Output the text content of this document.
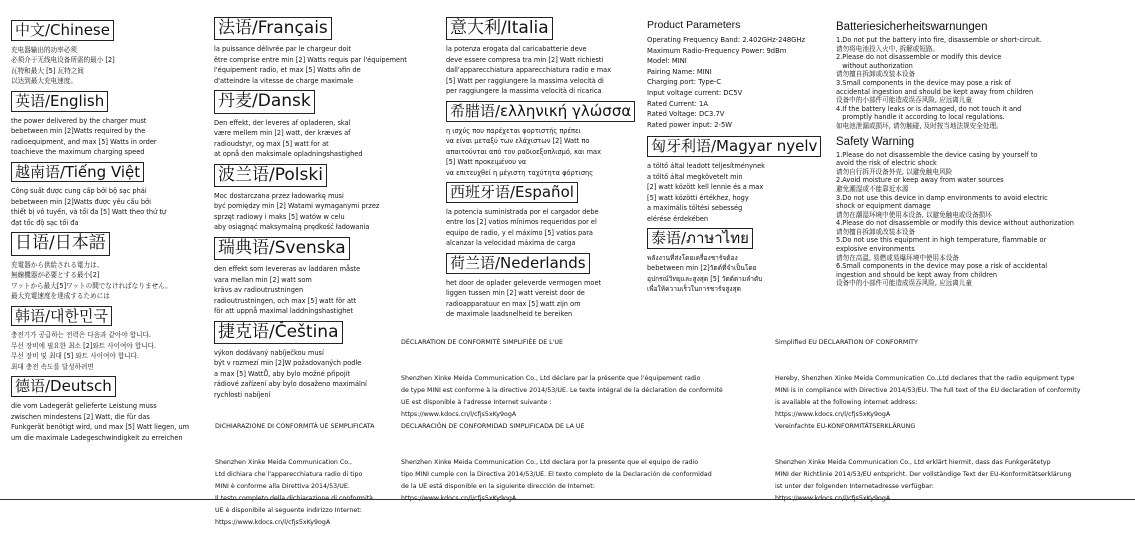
中文/Chinese
充电器输出的功率必须
必须介于无线电设备所需的最小 [2]
瓦特和最大 [5] 瓦特之间
以达到最大充电速度。
英语/English
the power delivered by the charger must
bebetween min [2]Watts required by the
radioequipment, and max [5] Watts in order
toachieve the maximum charging speed
越南语/Tiếng Việt
Công suất được cung cấp bởi bộ sạc phải
bebetween min [2]Watts được yêu cầu bởi
thiết bị vô tuyến, và tối đa [5] Watt theo thứ tự
đạt tốc độ sạc tối đa
日语/日本語
充電器から供給される電力は、
無線機器が必要とする最小[2]
ワットから最大[5]ワットの間でなければなりません。
最大充電速度を達成するためには
韩语/대한민국
충전기가 공급하는 전력은 다음과 같아야 합니다.
무선 장비에 필요한 최소 [2]와트 사이여야 합니다.
무선 장비 및 최대 [5] 와트 사이여야 합니다.
최대 충전 속도를 달성하려면
德语/Deutsch
die vom Ladegerät gelieferte Leistung muss
zwischen mindestens [2] Watt, die für das
Funkgerät benötigt wird, und max [5] Watt liegen, um
um die maximale Ladegeschwindigkeit zu erreichen
法语/Français
la puissance délivrée par le chargeur doit
être comprise entre min [2] Watts requis par l'équipement
l'équipement radio, et max [5] Watts afin de
d'atteindre la vitesse de charge maximale
丹麦/Dansk
Den effekt, der leveres af opladeren, skal
være mellem min [2] watt, der kræves af
radioudstyr, og max [5] watt for at
at opnå den maksimale opladningshastighed
波兰语/Polski
Moc dostarczana przez ładowarkę musi
być pomiędzy min [2] Watami wymaganymi przez
sprzęt radiowy i maks [5] watów w celu
aby osiągnąć maksymalną prędkość ładowania
瑞典语/Svenska
den effekt som levereras av laddaren måste
vara mellan min [2] watt som
krävs av radioutrustningen
radioutrustningen, och max [5] watt för att
för att uppnå maximal laddningshastighet
捷克语/Čeština
výkon dodávaný nabíječkou musí
být v rozmezí min [2]W požadovaných podle
a max [5] WattŮ, aby bylo možné připojit
rádiové zařízení aby bylo dosaženo maximální
rychlosti nabíjení
意大利/Italia
la potenza erogata dal caricabatterie deve
deve essere compresa tra min [2] Watt richiesti
dall'apparecchiatura apparecchiatura radio e max
[5] Watt per raggiungere la massima velocità di
per raggiungere la massima velocità di ricarica
希腊语/ελληνική γλώσσα
η ισχύς που παρέχεται φορτιστής πρέπει
να είναι μεταξύ των ελάχιστων [2] Watt πο
απαιτούνται από τον ραδιοεξοπλισμό, και max
[5] Watt προκειμένου να
να επιτευχθεί η μέγιστη ταχύτητα φόρτισης
西班牙语/Español
la potencia suministrada por el cargador debe
entre los [2] vatios mínimos requeridos por el
equipo de radio, y el máximo [5] vatios para
alcanzar la velocidad máxima de carga
荷兰语/Nederlands
het door de oplader geleverde vermogen moet
liggen tussen min [2] watt vereist door de
radioapparatuur en max [5] watt zijn om
de maximale laadsnelheid te bereiken
Product Parameters
Operating Frequency Band: 2.402GHz-248GHz
Maximum Radio-Frequency Power: 9dBm
Model: MINI
Pairing Name: MINI
Charging port: Type-C
Input voltage current: DC5V
Rated Current: 1A
Rated Voltage: DC3.7V
Rated power input: 2-5W
匈牙利语/Magyar nyelv
a töltő által leadott teljesítménynek
a töltő által megkövetelt min
[2] watt között kell lennie és a max
[5] watt közötti értékhez, hogy
a maximális töltési sebesség
elérése érdekében
泰语/ภาษาไทย
พลังงานที่ส่งโดยเครื่องชาร์จต้อง
bebetween min [2]วัตต์ที่จำเป็นโดย
อุปกรณ์วิทยุและสูงสุด [5] วัตต์ตามลำดับ
เพื่อให้ความเร็วในการชาร์จสูงสุด
Batteriesicherheitswarnungen
1.Do not put the battery into fire, disassemble or short-circuit.
请勿将电池投入火中, 拆解或短路。
2.Please do not disassemble or modify this device
without authorization
请勿擅自拆卸或改装本设备
3.Small components in the device may pose a risk of
accidental ingestion and should be kept away from children
设备中的小部件可能造成误吞风险, 应远离儿童
4.If the battery leaks or is damaged, do not touch it and
promptly handle it according to local regulations.
如电池泄漏或损坏, 请勿触碰, 及时按当地法规安全处理。
Safety Warning
1.Please do not disassemble the device casing by yourself to
avoid the risk of electric shock
请勿自行拆开设备外壳, 以避免触电风险
2.Avoid moisture or keep away from water sources
避免潮湿或不能靠近水源
3.Do not use this device in damp environments to avoid electric
shock or equipment damage
请勿在潮湿环境中使用本设备, 以避免触电或设备损坏
4.Please do not disassemble or modify this device without authorization
请勿擅自拆卸或改装本设备
5.Do not use this equipment in high temperature, flammable or
explosive environments
请勿在高温, 易燃或易爆环境中使用本设备
6.Small components in the device may pose a risk of accidental
ingestion and should be kept away from children
设备中的小部件可能造成误吞风险, 应远离儿童

DÉCLARATION DE CONFORMITÉ SIMPLIFIÉE DE L'UE

Shenzhen Xinke Meida Communication Co., Ltd déclare par la présente que l'équipement radio
de type MINI est conforme à la directive 2014/53/UE. Le texte intégral de la déclaration de conformité
UE est disponible à l'adresse Internet suivante :
https://www.kdocs.cn/l/cfjs5xKy9ogA

Simplified EU DECLARATION OF CONFORMITY

Hereby, Shenzhen Xinke Meida Communication Co.,Ltd declares that the radio equipment type
MINI is in compliance with Directive 2014/53/EU. The full text of the EU declaration of conformity
is available at the following internet address:
https://www.kdocs.cn/l/cfjs5xKy9ogA

DICHIARAZIONE DI CONFORMITÀ UE SEMPLIFICATA

Shenzhen Xinke Meida Communication Co.,
Ltd dichiara che l'apparecchiatura radio di tipo
MINI è conforme alla Direttiva 2014/53/UE.

UE è disponibile al seguente indirizzo Internet:
https://www.kdocs.cn/l/cfjs5xKy9ogA

DECLARACIÓN DE CONFORMIDAD SIMPLIFICADA DE LA UE

Shenzhen Xinke Meida Communication Co., Ltd declara por la presente que el equipo de radio
tipo MINI cumple con la Directiva 2014/53/UE. El texto completo de la Declaración de conformidad
de la UE está disponible en la siguiente dirección de Internet:

Vereinfachte EU-KONFORMITÄTSERKLÄRUNG

Shenzhen Xinke Meida Communication Co., Ltd erklärt hiermit, dass das Funkgerätetyp
MINI der Richtlinie 2014/53/EU entspricht. Der vollständige Text der EU-Konformitätserklärung
ist unter der folgenden Internetadresse verfügbar:
